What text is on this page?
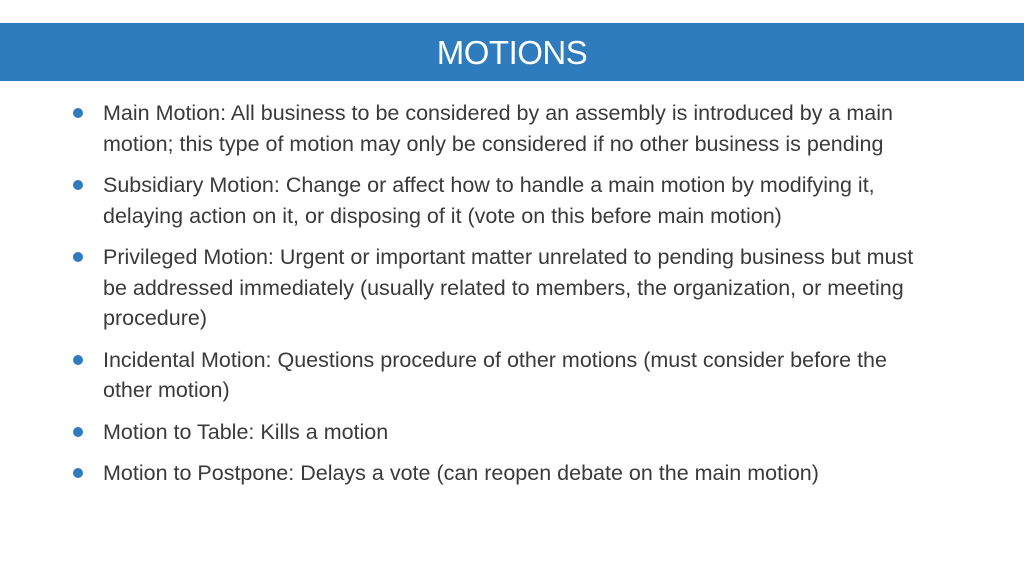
MOTIONS
Main Motion: All business to be considered by an assembly is introduced by a main motion; this type of motion may only be considered if no other business is pending
Subsidiary Motion: Change or affect how to handle a main motion by modifying it, delaying action on it, or disposing of it (vote on this before main motion)
Privileged Motion: Urgent or important matter unrelated to pending business but must be addressed immediately (usually related to members, the organization, or meeting procedure)
Incidental Motion: Questions procedure of other motions (must consider before the other motion)
Motion to Table: Kills a motion
Motion to Postpone: Delays a vote (can reopen debate on the main motion)
